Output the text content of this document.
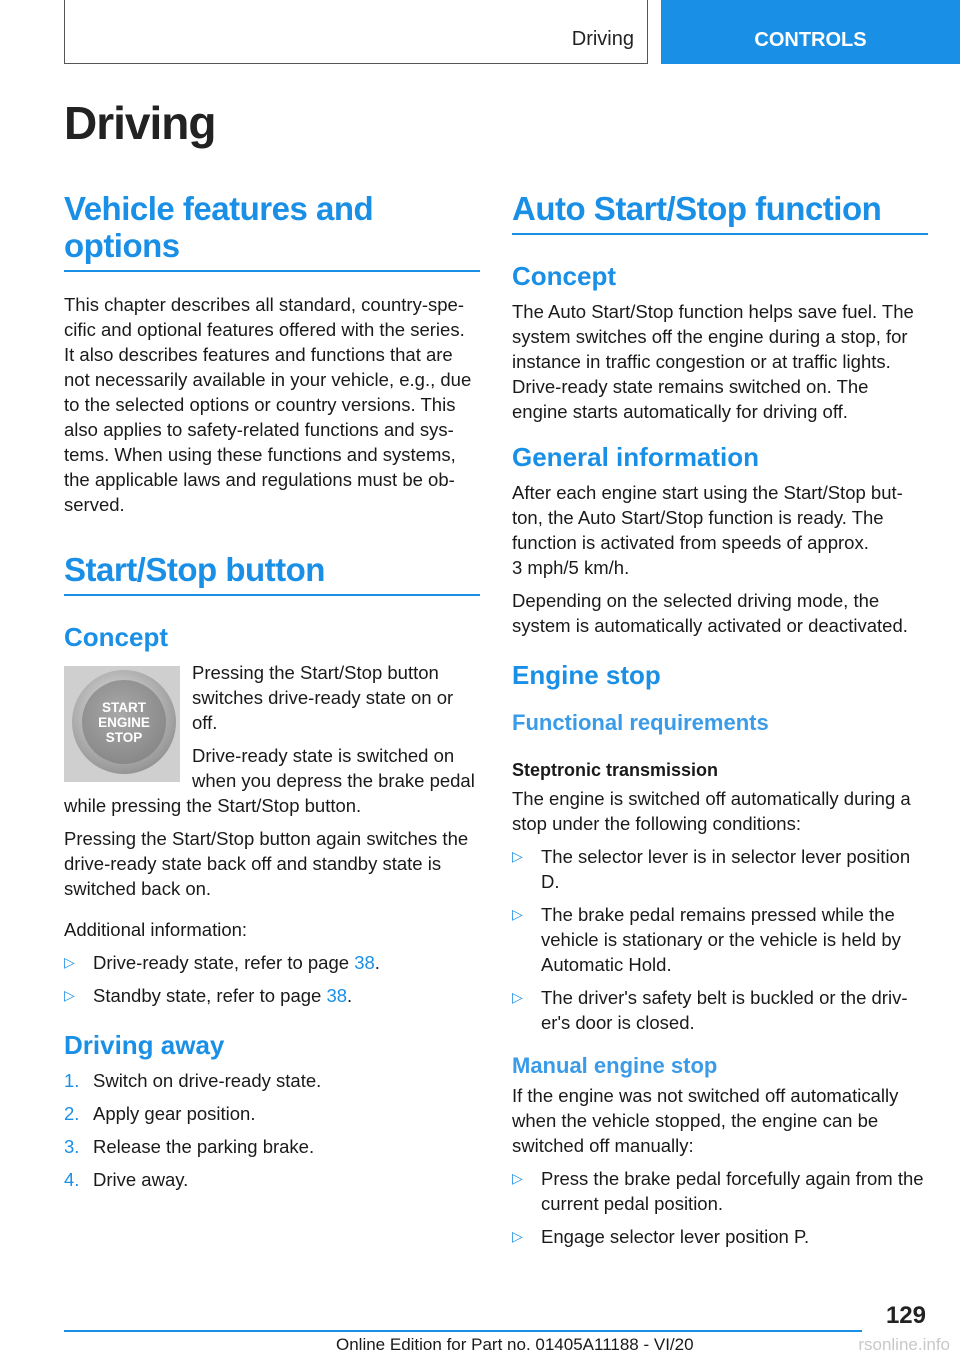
Driving	CONTROLS
Driving
Vehicle features and options

This chapter describes all standard, country-spe-cific and optional features offered with the series. It also describes features and functions that are not necessarily available in your vehicle, e.g., due to the selected options or country versions. This also applies to safety-related functions and sys-tems. When using these functions and systems, the applicable laws and regulations must be ob-served.

Start/Stop button
Concept
START
ENGINE
STOP

Pressing the Start/Stop button switches drive-ready state on or off.

Drive-ready state is switched on when you depress the brake pedal while pressing the Start/Stop button.

Pressing the Start/Stop button again switches the drive-ready state back off and standby state is switched back on.

Additional information:

▷ Drive-ready state, refer to page 38.
▷ Standby state, refer to page 38.
Driving away
1. Switch on drive-ready state.
2. Apply gear position.
3. Release the parking brake.
4. Drive away.
Auto Start/Stop function
Concept

The Auto Start/Stop function helps save fuel. The system switches off the engine during a stop, for instance in traffic congestion or at traffic lights. Drive-ready state remains switched on. The engine starts automatically for driving off.

General information

After each engine start using the Start/Stop but-ton, the Auto Start/Stop function is ready. The function is activated from speeds of approx.

3 mph/5 km/h.

Depending on the selected driving mode, the system is automatically activated or deactivated.

Engine stop
Functional requirements
Steptronic transmission

The engine is switched off automatically during a stop under the following conditions:

▷ The selector lever is in selector lever position D.
▷ The brake pedal remains pressed while the vehicle is stationary or the vehicle is held by Automatic Hold.
▷ The driver's safety belt is buckled or the driv-er's door is closed.
Manual engine stop

If the engine was not switched off automatically when the vehicle stopped, the engine can be switched off manually:

▷ Press the brake pedal forcefully again from the current pedal position.
▷ Engage selector lever position P.
129
Online Edition for Part no. 01405A11188 - VI/20	rsonline.info
